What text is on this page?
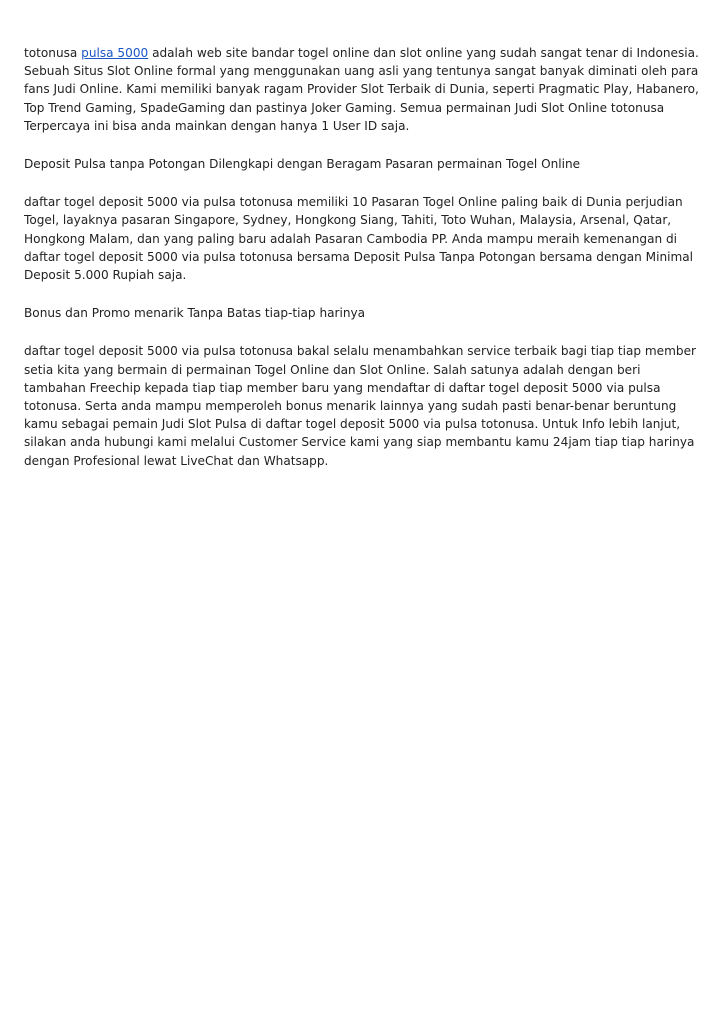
totonusa pulsa 5000 adalah web site bandar togel online dan slot online yang sudah sangat tenar di Indonesia. Sebuah Situs Slot Online formal yang menggunakan uang asli yang tentunya sangat banyak diminati oleh para fans Judi Online. Kami memiliki banyak ragam Provider Slot Terbaik di Dunia, seperti Pragmatic Play, Habanero, Top Trend Gaming, SpadeGaming dan pastinya Joker Gaming. Semua permainan Judi Slot Online totonusa Terpercaya ini bisa anda mainkan dengan hanya 1 User ID saja.

Deposit Pulsa tanpa Potongan Dilengkapi dengan Beragam Pasaran permainan Togel Online

daftar togel deposit 5000 via pulsa totonusa memiliki 10 Pasaran Togel Online paling baik di Dunia perjudian Togel, layaknya pasaran Singapore, Sydney, Hongkong Siang, Tahiti, Toto Wuhan, Malaysia, Arsenal, Qatar, Hongkong Malam, dan yang paling baru adalah Pasaran Cambodia PP. Anda mampu meraih kemenangan di daftar togel deposit 5000 via pulsa totonusa bersama Deposit Pulsa Tanpa Potongan bersama dengan Minimal Deposit 5.000 Rupiah saja.

Bonus dan Promo menarik Tanpa Batas tiap-tiap harinya

daftar togel deposit 5000 via pulsa totonusa bakal selalu menambahkan service terbaik bagi tiap tiap member setia kita yang bermain di permainan Togel Online dan Slot Online. Salah satunya adalah dengan beri tambahan Freechip kepada tiap tiap member baru yang mendaftar di daftar togel deposit 5000 via pulsa totonusa. Serta anda mampu memperoleh bonus menarik lainnya yang sudah pasti benar-benar beruntung kamu sebagai pemain Judi Slot Pulsa di daftar togel deposit 5000 via pulsa totonusa. Untuk Info lebih lanjut, silakan anda hubungi kami melalui Customer Service kami yang siap membantu kamu 24jam tiap tiap harinya dengan Profesional lewat LiveChat dan Whatsapp.
